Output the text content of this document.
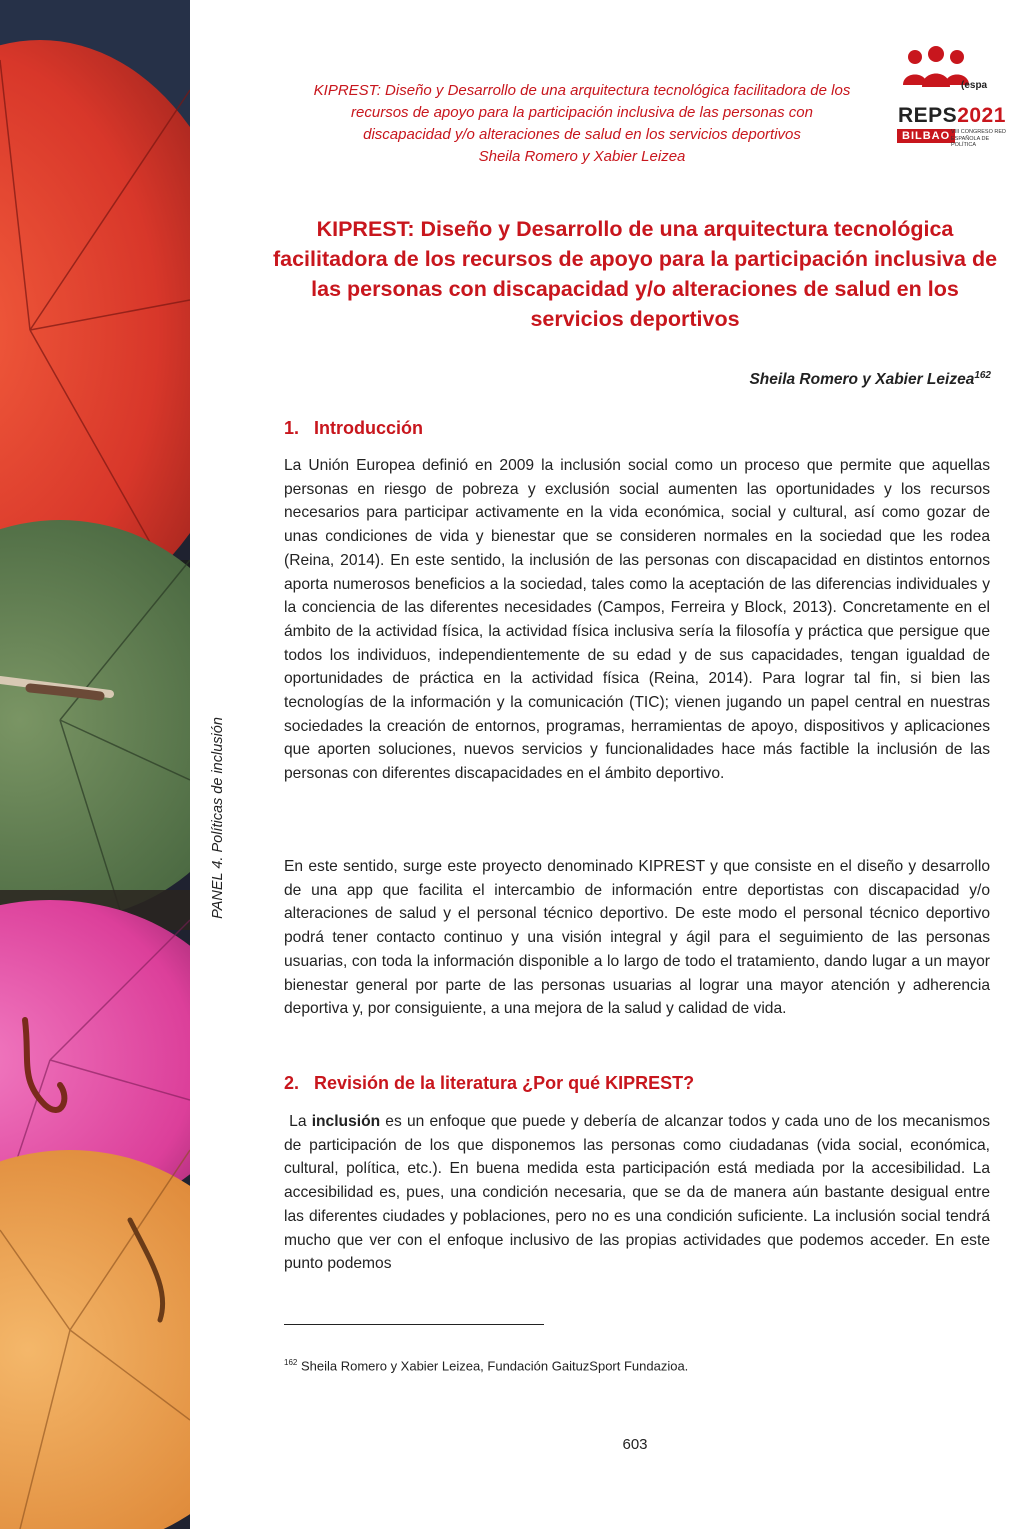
PANEL 4. Políticas de inclusión
KIPREST: Diseño y Desarrollo de una arquitectura tecnológica facilitadora de los
recursos de apoyo para la participación inclusiva de las personas con
discapacidad y/o alteraciones de salud en los servicios deportivos
Sheila Romero y Xabier Leizea
(espa
REPS2021
BILBAO VIII CONGRESO RED ESPAÑOLA DE POLÍTICA
KIPREST: Diseño y Desarrollo de una arquitectura tecnológica facilitadora de los recursos de apoyo para la participación inclusiva de las personas con discapacidad y/o alteraciones de salud en los servicios deportivos
Sheila Romero y Xabier Leizea$^{162}$
1. Introducción

La Unión Europea definió en 2009 la inclusión social como un proceso que permite que aquellas personas en riesgo de pobreza y exclusión social aumenten las oportunidades y los recursos necesarios para participar activamente en la vida económica, social y cultural, así como gozar de unas condiciones de vida y bienestar que se consideren normales en la sociedad que les rodea (Reina, 2014). En este sentido, la inclusión de las personas con discapacidad en distintos entornos aporta numerosos beneficios a la sociedad, tales como la aceptación de las diferencias individuales y la conciencia de las diferentes necesidades (Campos, Ferreira y Block, 2013). Concretamente en el ámbito de la actividad física, la actividad física inclusiva sería la filosofía y práctica que persigue que todos los individuos, independientemente de su edad y de sus capacidades, tengan igualdad de oportunidades de práctica en la actividad física (Reina, 2014). Para lograr tal fin, si bien las tecnologías de la información y la comunicación (TIC); vienen jugando un papel central en nuestras sociedades la creación de entornos, programas, herramientas de apoyo, dispositivos y aplicaciones que aporten soluciones, nuevos servicios y funcionalidades hace más factible la inclusión de las personas con diferentes discapacidades en el ámbito deportivo.

En este sentido, surge este proyecto denominado KIPREST y que consiste en el diseño y desarrollo de una app que facilita el intercambio de información entre deportistas con discapacidad y/o alteraciones de salud y el personal técnico deportivo. De este modo el personal técnico deportivo podrá tener contacto continuo y una visión integral y ágil para el seguimiento de las personas usuarias, con toda la información disponible a lo largo de todo el tratamiento, dando lugar a un mayor bienestar general por parte de las personas usuarias al lograr una mayor atención y adherencia deportiva y, por consiguiente, a una mejora de la salud y calidad de vida.

2. Revisión de la literatura ¿Por qué KIPREST?

La inclusión es un enfoque que puede y debería de alcanzar todos y cada uno de los mecanismos de participación de los que disponemos las personas como ciudadanas (vida social, económica, cultural, política, etc.). En buena medida esta participación está mediada por la accesibilidad. La accesibilidad es, pues, una condición necesaria, que se da de manera aún bastante desigual entre las diferentes ciudades y poblaciones, pero no es una condición suficiente. La inclusión social tendrá mucho que ver con el enfoque inclusivo de las propias actividades que podemos acceder. En este punto podemos

$^{162}$ Sheila Romero y Xabier Leizea, Fundación GaituzSport Fundazioa.
603
